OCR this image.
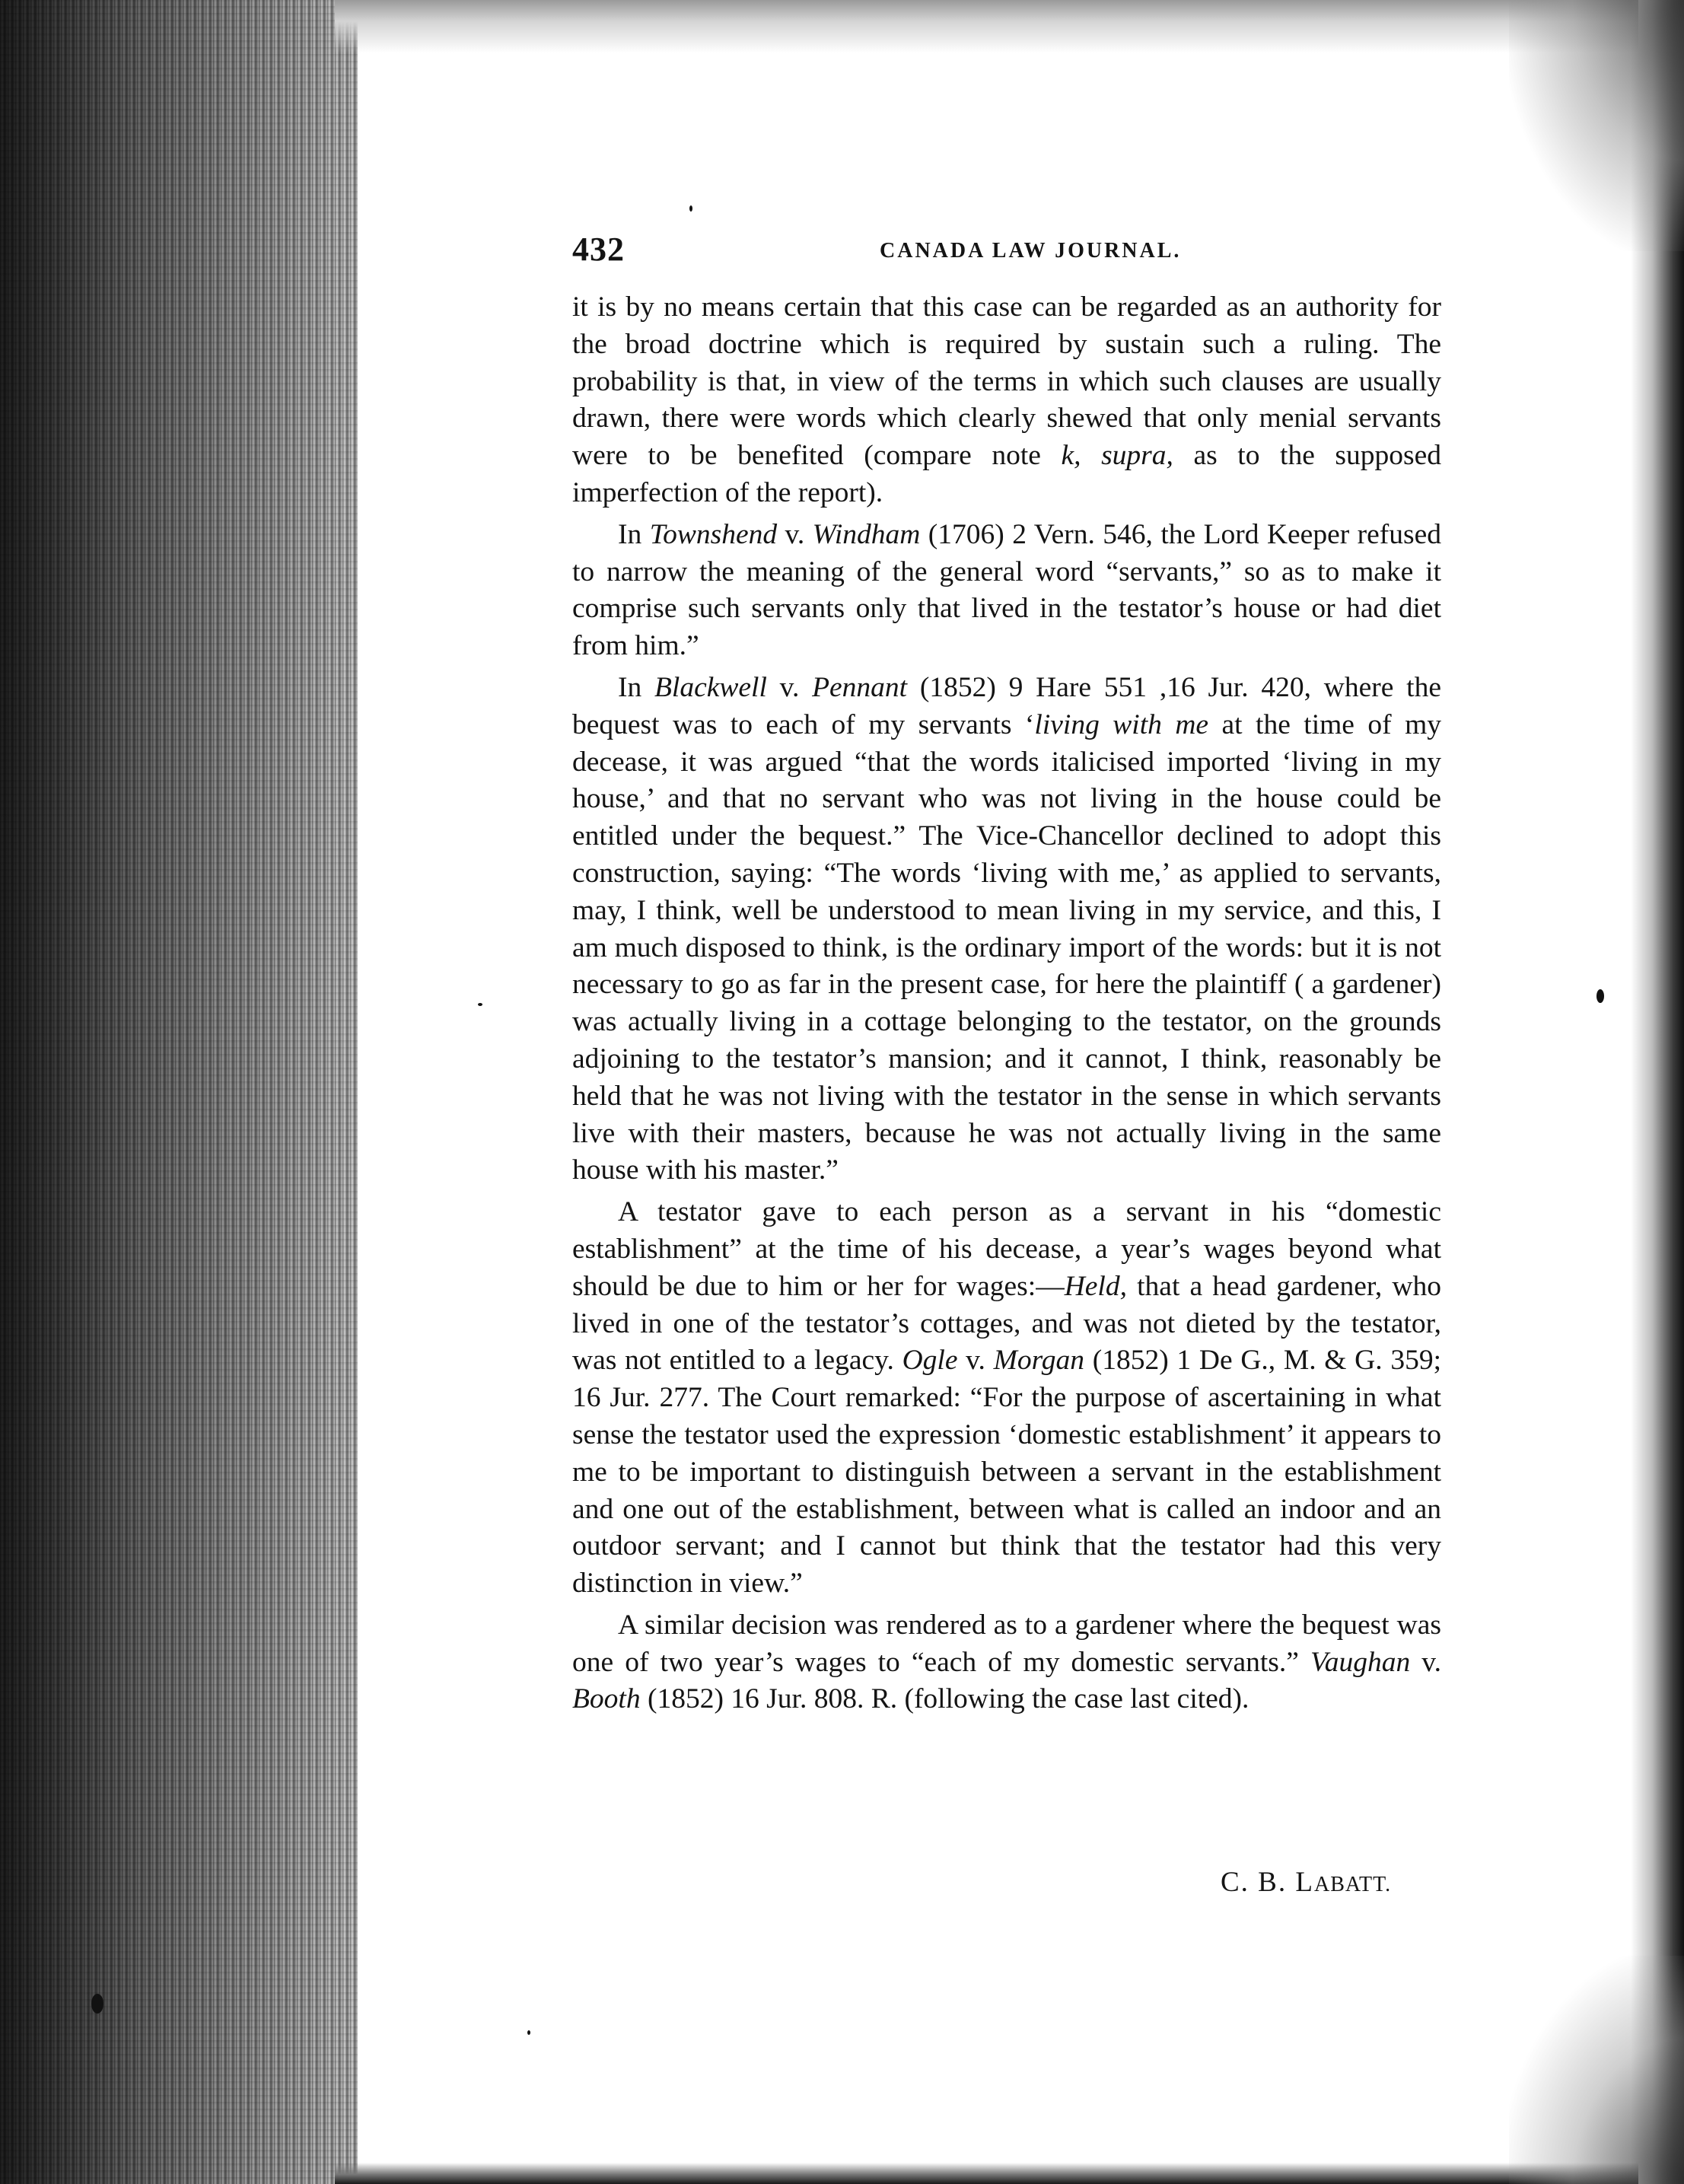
432	CANADA LAW JOURNAL.

it is by no means certain that this case can be regarded as an authority for the broad doctrine which is required by sustain such a ruling. The probability is that, in view of the terms in which such clauses are usually drawn, there were words which clearly shewed that only menial servants were to be benefited (compare note k, supra, as to the supposed imperfection of the report).

In Townshend v. Windham (1706) 2 Vern. 546, the Lord Keeper refused to narrow the meaning of the general word “servants,” so as to make it comprise such servants only that lived in the testator’s house or had diet from him.”

In Blackwell v. Pennant (1852) 9 Hare 551 ,16 Jur. 420, where the bequest was to each of my servants ‘living with me at the time of my decease, it was argued “that the words italicised imported ‘living in my house,’ and that no servant who was not living in the house could be entitled under the bequest.” The Vice-Chancellor declined to adopt this construction, saying: “The words ‘living with me,’ as applied to servants, may, I think, well be understood to mean living in my service, and this, I am much disposed to think, is the ordinary import of the words: but it is not necessary to go as far in the present case, for here the plaintiff ( a gardener) was actually living in a cottage belonging to the testator, on the grounds adjoining to the testator’s mansion; and it cannot, I think, reasonably be held that he was not living with the testator in the sense in which servants live with their masters, because he was not actually living in the same house with his master.”

A testator gave to each person as a servant in his “domestic establishment” at the time of his decease, a year’s wages beyond what should be due to him or her for wages:—Held, that a head gardener, who lived in one of the testator’s cottages, and was not dieted by the testator, was not entitled to a legacy. Ogle v. Morgan (1852) 1 De G., M. & G. 359; 16 Jur. 277. The Court remarked: “For the purpose of ascertaining in what sense the testator used the expression ‘domestic establishment’ it appears to me to be important to distinguish between a servant in the establishment and one out of the establishment, between what is called an indoor and an outdoor servant; and I cannot but think that the testator had this very distinction in view.”

A similar decision was rendered as to a gardener where the bequest was one of two year’s wages to “each of my domestic servants.” Vaughan v. Booth (1852) 16 Jur. 808. R. (following the case last cited).

C. B. LABATT.
